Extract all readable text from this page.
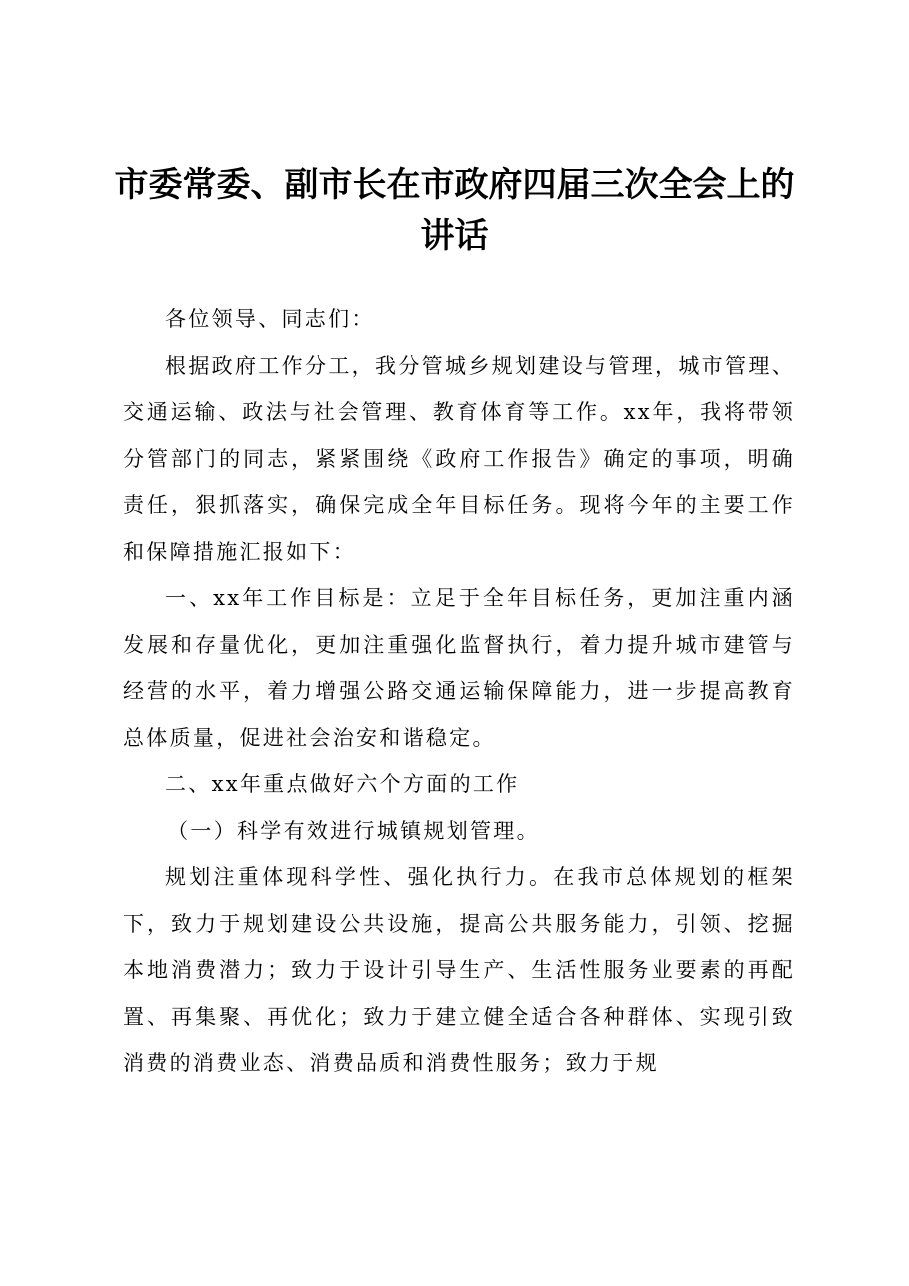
市委常委、副市长在市政府四届三次全会上的讲话

各位领导、同志们：

根据政府工作分工，我分管城乡规划建设与管理，城市管理、交通运输、政法与社会管理、教育体育等工作。xx年，我将带领分管部门的同志，紧紧围绕《政府工作报告》确定的事项，明确责任，狠抓落实，确保完成全年目标任务。现将今年的主要工作和保障措施汇报如下：

一、xx年工作目标是：立足于全年目标任务，更加注重内涵发展和存量优化，更加注重强化监督执行，着力提升城市建管与经营的水平，着力增强公路交通运输保障能力，进一步提高教育总体质量，促进社会治安和谐稳定。

二、xx年重点做好六个方面的工作

（一）科学有效进行城镇规划管理。

规划注重体现科学性、强化执行力。在我市总体规划的框架下，致力于规划建设公共设施，提高公共服务能力，引领、挖掘本地消费潜力；致力于设计引导生产、生活性服务业要素的再配置、再集聚、再优化；致力于建立健全适合各种群体、实现引致消费的消费业态、消费品质和消费性服务；致力于规
